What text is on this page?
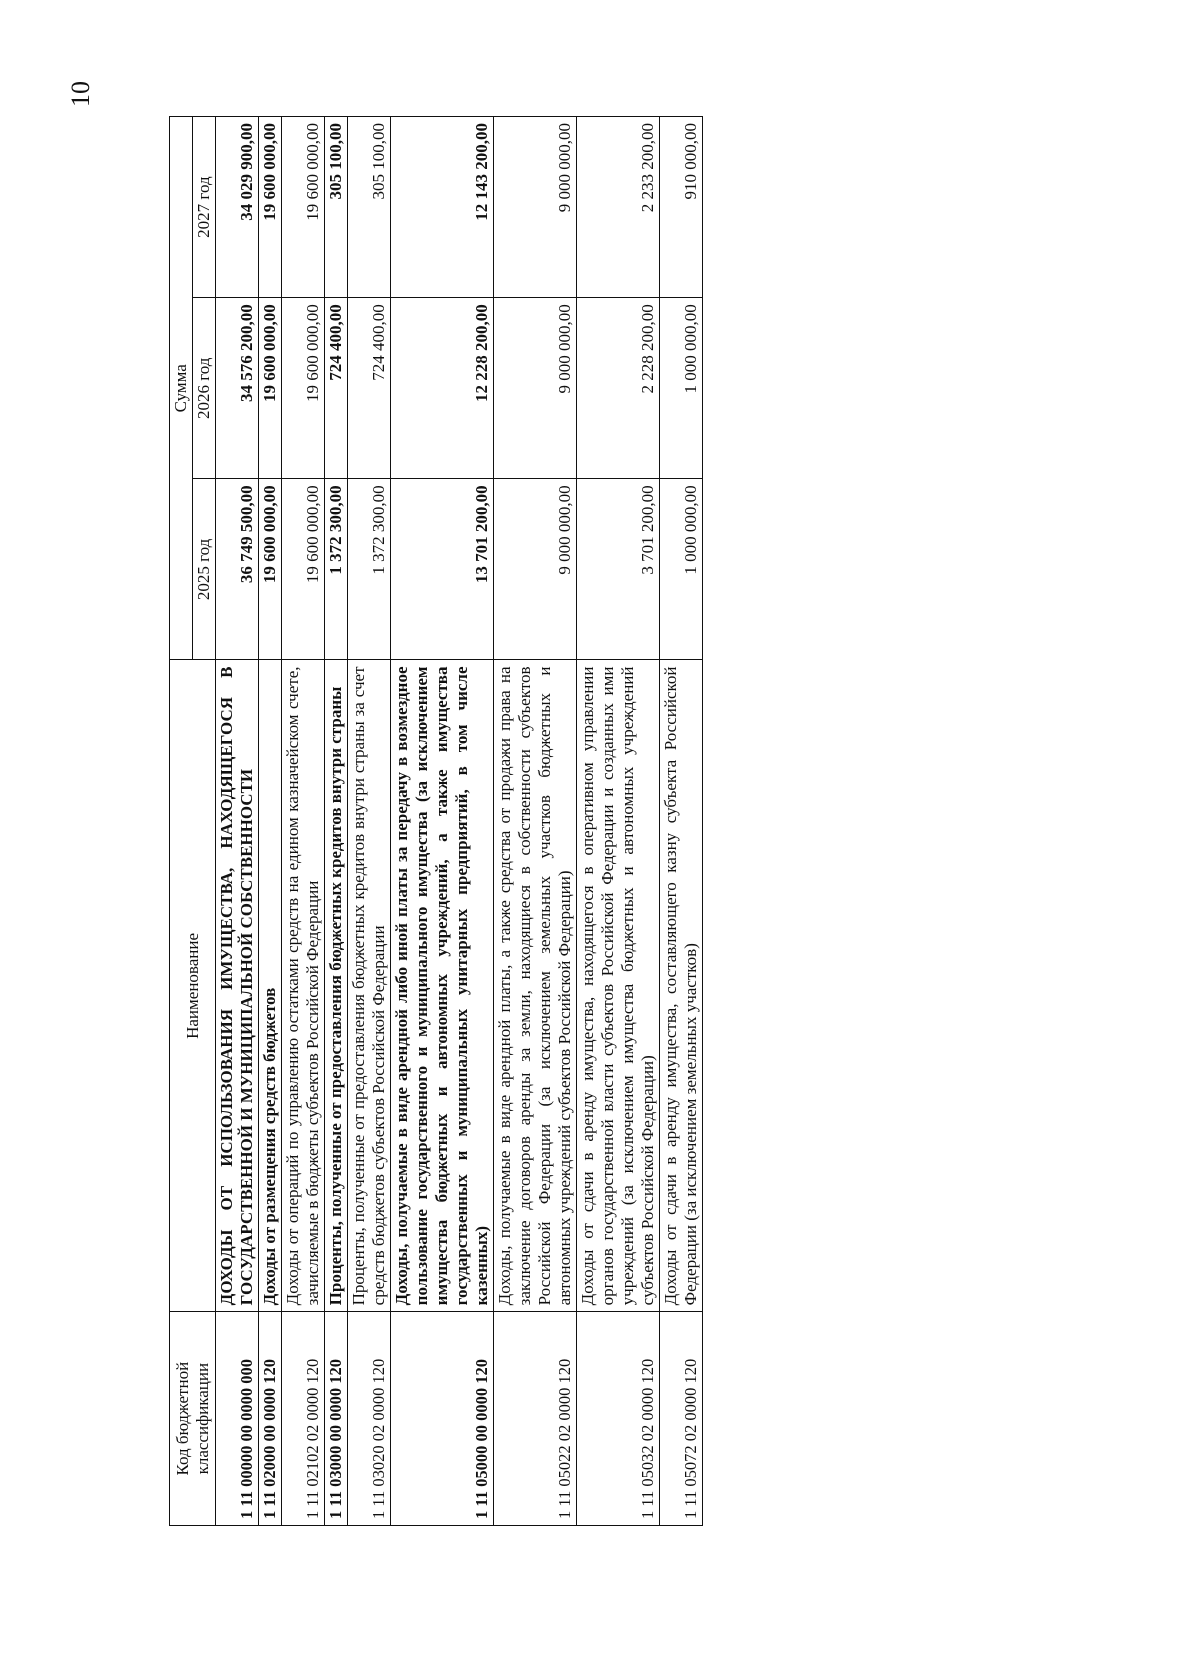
10
Код бюджетной классификации	Наименование	Сумма		
		2025 год	2026 год	2027 год
1 11 00000 00 0000 000	ДОХОДЫ ОТ ИСПОЛЬЗОВАНИЯ ИМУЩЕСТВА, НАХОДЯЩЕГОСЯ В ГОСУДАРСТВЕННОЙ И МУНИЦИПАЛЬНОЙ СОБСТВЕННОСТИ	36 749 500,00	34 576 200,00	34 029 900,00
1 11 02000 00 0000 120	Доходы от размещения средств бюджетов	19 600 000,00	19 600 000,00	19 600 000,00
1 11 02102 02 0000 120	Доходы от операций по управлению остатками средств на едином казначейском счете, зачисляемые в бюджеты субъектов Российской Федерации	19 600 000,00	19 600 000,00	19 600 000,00
1 11 03000 00 0000 120	Проценты, полученные от предоставления бюджетных кредитов внутри страны	1 372 300,00	724 400,00	305 100,00
1 11 03020 02 0000 120	Проценты, полученные от предоставления бюджетных кредитов внутри страны за счет средств бюджетов субъектов Российской Федерации	1 372 300,00	724 400,00	305 100,00
1 11 05000 00 0000 120	Доходы, получаемые в виде арендной либо иной платы за передачу в возмездное пользование государственного и муниципального имущества (за исключением имущества бюджетных и автономных учреждений, а также имущества государственных и муниципальных унитарных предприятий, в том числе казенных)	13 701 200,00	12 228 200,00	12 143 200,00
1 11 05022 02 0000 120	Доходы, получаемые в виде арендной платы, а также средства от продажи права на заключение договоров аренды за земли, находящиеся в собственности субъектов Российской Федерации (за исключением земельных участков бюджетных и автономных учреждений субъектов Российской Федерации)	9 000 000,00	9 000 000,00	9 000 000,00
1 11 05032 02 0000 120	Доходы от сдачи в аренду имущества, находящегося в оперативном управлении органов государственной власти субъектов Российской Федерации и созданных ими учреждений (за исключением имущества бюджетных и автономных учреждений субъектов Российской Федерации)	3 701 200,00	2 228 200,00	2 233 200,00
1 11 05072 02 0000 120	Доходы от сдачи в аренду имущества, составляющего казну субъекта Российской Федерации (за исключением земельных участков)	1 000 000,00	1 000 000,00	910 000,00
